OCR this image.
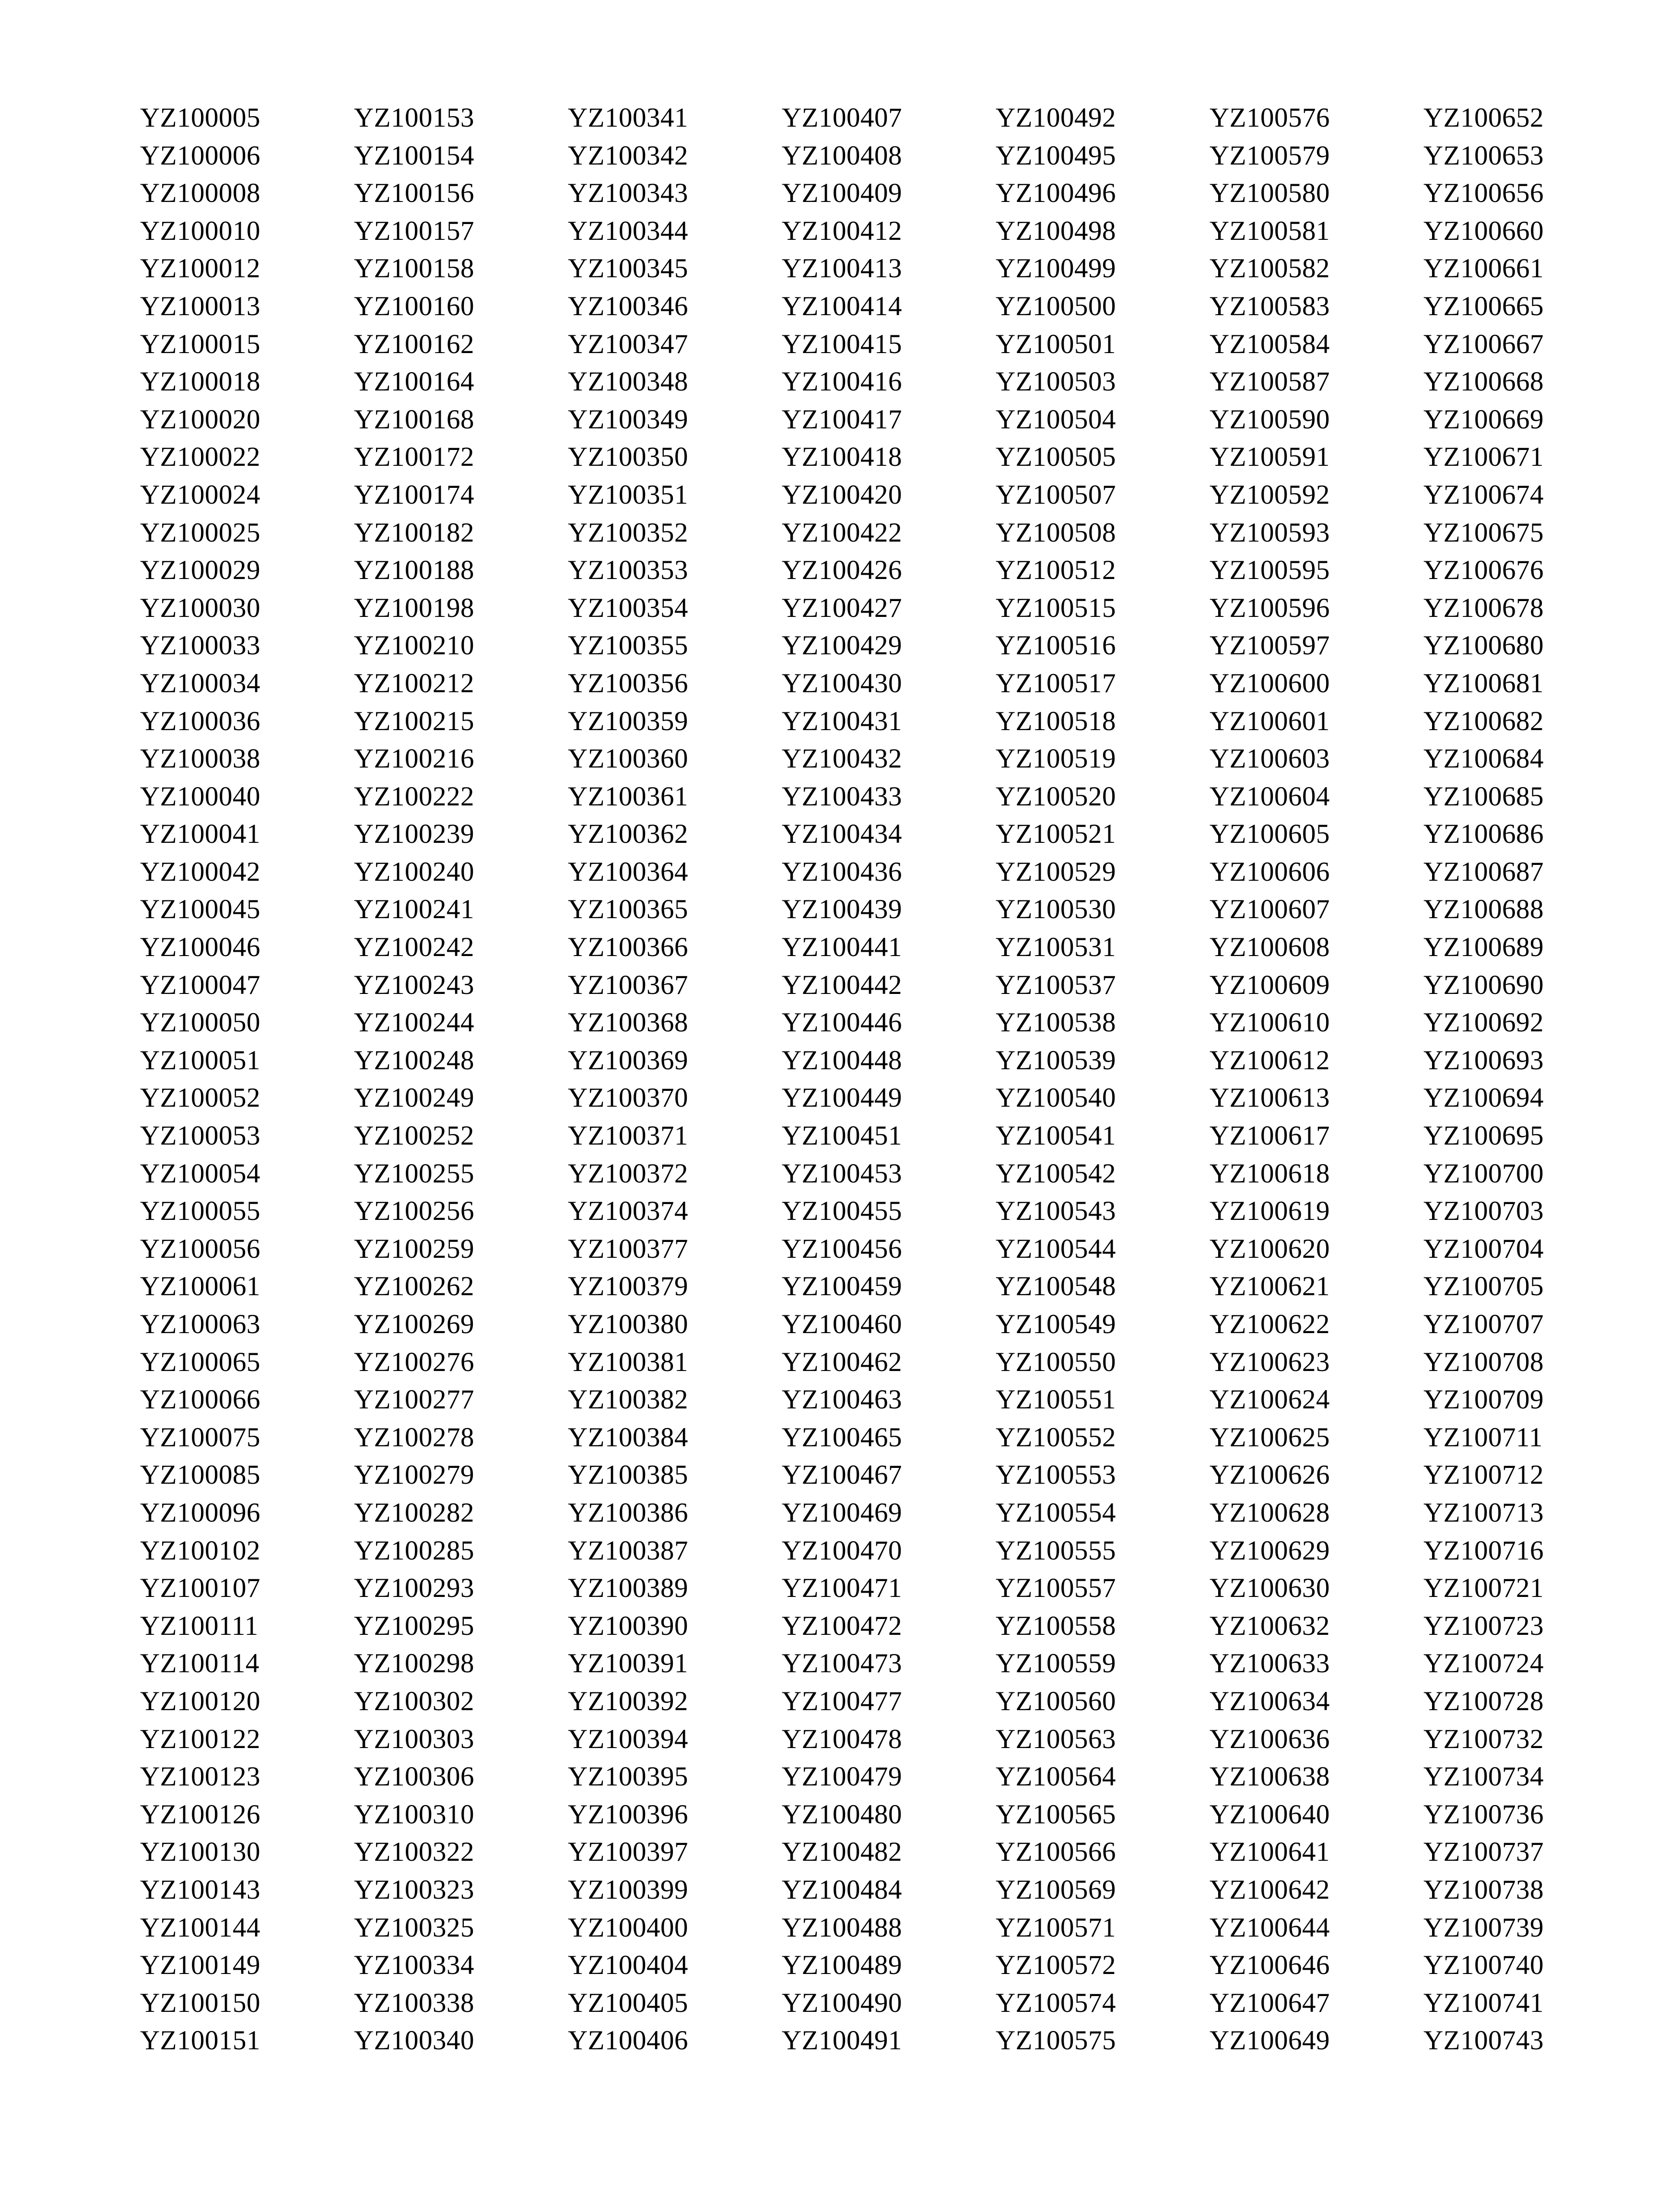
YZ100005
YZ100006
YZ100008
YZ100010
YZ100012
YZ100013
YZ100015
YZ100018
YZ100020
YZ100022
YZ100024
YZ100025
YZ100029
YZ100030
YZ100033
YZ100034
YZ100036
YZ100038
YZ100040
YZ100041
YZ100042
YZ100045
YZ100046
YZ100047
YZ100050
YZ100051
YZ100052
YZ100053
YZ100054
YZ100055
YZ100056
YZ100061
YZ100063
YZ100065
YZ100066
YZ100075
YZ100085
YZ100096
YZ100102
YZ100107
YZ100111
YZ100114
YZ100120
YZ100122
YZ100123
YZ100126
YZ100130
YZ100143
YZ100144
YZ100149
YZ100150
YZ100151
YZ100153
YZ100154
YZ100156
YZ100157
YZ100158
YZ100160
YZ100162
YZ100164
YZ100168
YZ100172
YZ100174
YZ100182
YZ100188
YZ100198
YZ100210
YZ100212
YZ100215
YZ100216
YZ100222
YZ100239
YZ100240
YZ100241
YZ100242
YZ100243
YZ100244
YZ100248
YZ100249
YZ100252
YZ100255
YZ100256
YZ100259
YZ100262
YZ100269
YZ100276
YZ100277
YZ100278
YZ100279
YZ100282
YZ100285
YZ100293
YZ100295
YZ100298
YZ100302
YZ100303
YZ100306
YZ100310
YZ100322
YZ100323
YZ100325
YZ100334
YZ100338
YZ100340
YZ100341
YZ100342
YZ100343
YZ100344
YZ100345
YZ100346
YZ100347
YZ100348
YZ100349
YZ100350
YZ100351
YZ100352
YZ100353
YZ100354
YZ100355
YZ100356
YZ100359
YZ100360
YZ100361
YZ100362
YZ100364
YZ100365
YZ100366
YZ100367
YZ100368
YZ100369
YZ100370
YZ100371
YZ100372
YZ100374
YZ100377
YZ100379
YZ100380
YZ100381
YZ100382
YZ100384
YZ100385
YZ100386
YZ100387
YZ100389
YZ100390
YZ100391
YZ100392
YZ100394
YZ100395
YZ100396
YZ100397
YZ100399
YZ100400
YZ100404
YZ100405
YZ100406
YZ100407
YZ100408
YZ100409
YZ100412
YZ100413
YZ100414
YZ100415
YZ100416
YZ100417
YZ100418
YZ100420
YZ100422
YZ100426
YZ100427
YZ100429
YZ100430
YZ100431
YZ100432
YZ100433
YZ100434
YZ100436
YZ100439
YZ100441
YZ100442
YZ100446
YZ100448
YZ100449
YZ100451
YZ100453
YZ100455
YZ100456
YZ100459
YZ100460
YZ100462
YZ100463
YZ100465
YZ100467
YZ100469
YZ100470
YZ100471
YZ100472
YZ100473
YZ100477
YZ100478
YZ100479
YZ100480
YZ100482
YZ100484
YZ100488
YZ100489
YZ100490
YZ100491
YZ100492
YZ100495
YZ100496
YZ100498
YZ100499
YZ100500
YZ100501
YZ100503
YZ100504
YZ100505
YZ100507
YZ100508
YZ100512
YZ100515
YZ100516
YZ100517
YZ100518
YZ100519
YZ100520
YZ100521
YZ100529
YZ100530
YZ100531
YZ100537
YZ100538
YZ100539
YZ100540
YZ100541
YZ100542
YZ100543
YZ100544
YZ100548
YZ100549
YZ100550
YZ100551
YZ100552
YZ100553
YZ100554
YZ100555
YZ100557
YZ100558
YZ100559
YZ100560
YZ100563
YZ100564
YZ100565
YZ100566
YZ100569
YZ100571
YZ100572
YZ100574
YZ100575
YZ100576
YZ100579
YZ100580
YZ100581
YZ100582
YZ100583
YZ100584
YZ100587
YZ100590
YZ100591
YZ100592
YZ100593
YZ100595
YZ100596
YZ100597
YZ100600
YZ100601
YZ100603
YZ100604
YZ100605
YZ100606
YZ100607
YZ100608
YZ100609
YZ100610
YZ100612
YZ100613
YZ100617
YZ100618
YZ100619
YZ100620
YZ100621
YZ100622
YZ100623
YZ100624
YZ100625
YZ100626
YZ100628
YZ100629
YZ100630
YZ100632
YZ100633
YZ100634
YZ100636
YZ100638
YZ100640
YZ100641
YZ100642
YZ100644
YZ100646
YZ100647
YZ100649
YZ100652
YZ100653
YZ100656
YZ100660
YZ100661
YZ100665
YZ100667
YZ100668
YZ100669
YZ100671
YZ100674
YZ100675
YZ100676
YZ100678
YZ100680
YZ100681
YZ100682
YZ100684
YZ100685
YZ100686
YZ100687
YZ100688
YZ100689
YZ100690
YZ100692
YZ100693
YZ100694
YZ100695
YZ100700
YZ100703
YZ100704
YZ100705
YZ100707
YZ100708
YZ100709
YZ100711
YZ100712
YZ100713
YZ100716
YZ100721
YZ100723
YZ100724
YZ100728
YZ100732
YZ100734
YZ100736
YZ100737
YZ100738
YZ100739
YZ100740
YZ100741
YZ100743
